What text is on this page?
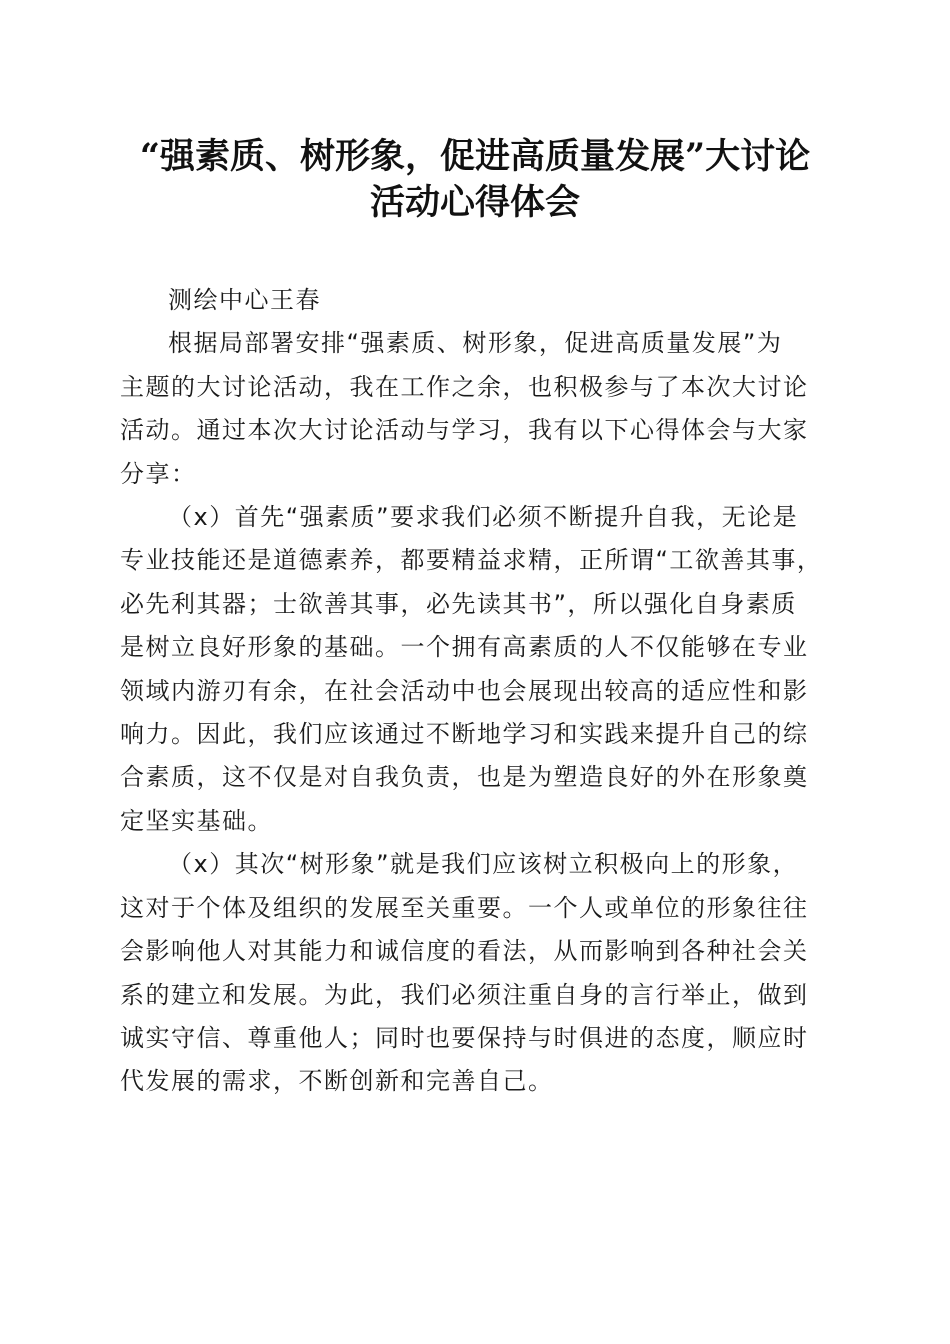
“强素质、树形象，促进高质量发展”大讨论
活动心得体会

测绘中心王春

根据局部署安排“强素质、树形象，促进高质量发展”为
主题的大讨论活动，我在工作之余，也积极参与了本次大讨论
活动。通过本次大讨论活动与学习，我有以下心得体会与大家
分享：

（x）首先“强素质”要求我们必须不断提升自我，无论是
专业技能还是道德素养，都要精益求精，正所谓“工欲善其事，
必先利其器；士欲善其事，必先读其书”，所以强化自身素质
是树立良好形象的基础。一个拥有高素质的人不仅能够在专业
领域内游刃有余，在社会活动中也会展现出较高的适应性和影
响力。因此，我们应该通过不断地学习和实践来提升自己的综
合素质，这不仅是对自我负责，也是为塑造良好的外在形象奠
定坚实基础。

（x）其次“树形象”就是我们应该树立积极向上的形象，
这对于个体及组织的发展至关重要。一个人或单位的形象往往
会影响他人对其能力和诚信度的看法，从而影响到各种社会关
系的建立和发展。为此，我们必须注重自身的言行举止，做到
诚实守信、尊重他人；同时也要保持与时俱进的态度，顺应时
代发展的需求，不断创新和完善自己。
